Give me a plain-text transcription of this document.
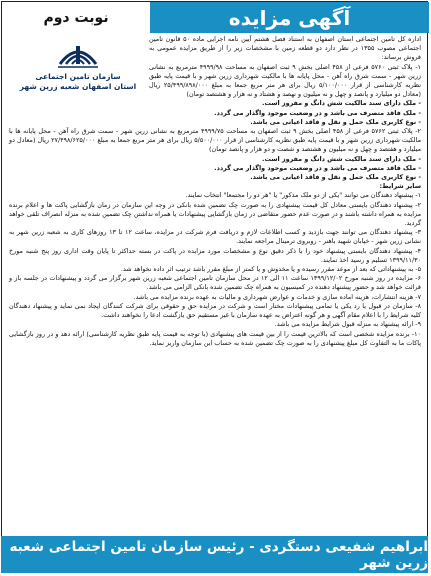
نوبت دوم	آگهی مزایده
سازمان تامین اجتماعی
استان اصفهان شعبه زرین شهر

اداره کل تامین اجتماعی استان اصفهان به استناد فصل هشتم آیین نامه اجرایی ماده ۵۰ قانون تامین اجتماعی مصوب ۱۳۵۵ در نظر دارد دو قطعه زمین با مشخصات زیر را از طریق مزایده عمومی به فروش برساند:

۱- پلاک ثبتی ۵۷۶۰ فرعی از ۴۵۸ اصلی بخش ۹ ثبت اصفهان به مساحت ۴۹۹۹/۹۸ مترمربع به نشانی زرین شهر - سمت شرق راه آهن - محل پایانه ها با مالکیت شهرداری زرین شهر و با قیمت پایه طبق نظریه کارشناسی از قرار ۵/۱۰۰/۰۰۰ ریال برای هر متر مربع جمعا به مبلغ ۲۵/۴۹۹/۸۹۸/۰۰۰ ریال (معادل دو میلیارد و پانصد و چهل و نه میلیون و نهصد و هشتاد و نه هزار و هشتصد تومان)

- ملک دارای سند مالکیت شش دانگ و مفروز است.

- ملک فاقد متصرف می باشد و در وضعیت موجود واگذار می گردد.

- نوع کاربری ملک حمل و نقل و فاقد اعیانی می باشد.

۲- پلاک ثبتی ۵۷۶۲ فرعی از ۴۵۸ اصلی بخش ۹ ثبت اصفهان به مساحت ۴۹۹۹/۷۵ مترمربع به نشانی زرین شهر - سمت شرق راه آهن - محل پایانه ها با مالکیت شهرداری زرین شهر و با قیمت پایه طبق نظریه کارشناسی از قرار ۵/۵۰۰/۰۰۰ ریال برای هر متر مربع جمعا به مبلغ ۲۷/۴۹۸/۶۲۵/۰۰۰ ریال (معادل دو میلیارد و هفتصد و چهل و نه میلیون و هشتصد و شصت و دو هزار و پانصد تومان)

- ملک دارای سند مالکیت شش دانگ و مفروز است.

- ملک فاقد متصرف می باشد و در وضعیت موجود واگذار می گردد.

- نوع کاربری ملک حمل و نقل و فاقد اعیانی می باشد.

سایر شرایط:

۱- پیشنهاد دهندگان می توانند "یکی از دو ملک مذکور" یا "هر دو را مجتمعا" انتخاب نمایند.

۲- پیشنهاد دهندگان بایستی معادل کل قیمت پیشنهادی را به صورت چک تضمین شده بانکی در وجه این سازمان در زمان بازگشایی پاکت ها و اعلام برنده مزایده به همراه داشته باشند و در صورت عدم حضور متقاضی در زمان بازگشایی پیشنهادات یا همراه نداشتن چک تضمین شده به منزله انصراف تلقی خواهد گردید.

۳- پیشنهاد دهندگان می توانند جهت بازدید و کسب اطلاعات لازم و دریافت فرم شرکت در مزایده، ساعت ۱۲ تا ۱۳ روزهای کاری به شعبه زرین شهر به نشانی زرین شهر - خیابان شهید باهنر - روبروی ترمینال مراجعه نمایند.

۴- پیشنهاد دهندگان بایستی پیشنهاد خود را با ذکر دقیق نوع و مشخصات مورد مزایده در پاکت در بسته حداکثر تا پایان وقت اداری روز پنج شنبه مورخ ۱۳۹۹/۱۱/۳۰ تسلیم و رسید اخذ نمایند.

۵- به پیشنهاداتی که بعد از موعد مقرر رسیده و یا مخدوش و یا کمتر از مبلغ مقرر باشد ترتیب اثر داده نخواهد شد.

۶- مزایده در روز شنبه مورخ ۱۳۹۹/۱۲/۰۲ ساعت ۱۱ الی ۱۲ در محل سازمان تامین اجتماعی شعبه زرین شهر برگزار می گردد و پیشنهادات در جلسه باز و قرائت خواهد شد و حضور پیشنهاد دهنده در کمیسیون به همراه چک تضمین شده بانکی الزامی می باشد.

۷- هزینه انتشارات، هزینه اماده سازی و خدمات و عوارض شهرداری و مالیات به عهده برنده مزایده می باشد.

۸- سازمان در قبول یا رد یکی یا تمامی پیشنهادات مختار است و شرکت در مزایده حق و حقوقی برای شرکت کنندگان ایجاد نمی نماید و پیشنهاد دهندگان کلیه شرایط را با اعلام مقام آگهی و هر گونه اعتراض به عهده سازمان با غیر مستقیم حق بازگشت ادعا را نخواهند داشت.

۹- ارائه پیشنهاد به منزله قبول شرایط مزایده می باشد.

۱۰- برنده مزایده شخصی است که بالاترین قیمت را از بین قیمت های پیشنهادی (با توجه به قیمت پایه طبق نظریه کارشناسی) ارائه دهد و در روز بازگشایی پاکات ما به التفاوت کل مبلغ پیشنهادی را به صورت چک تضمین شده به حساب این سازمان واریز نماید.

ابراهیم شفیعی دستگردی - رئیس سازمان تامین اجتماعی شعبه زرین شهر
